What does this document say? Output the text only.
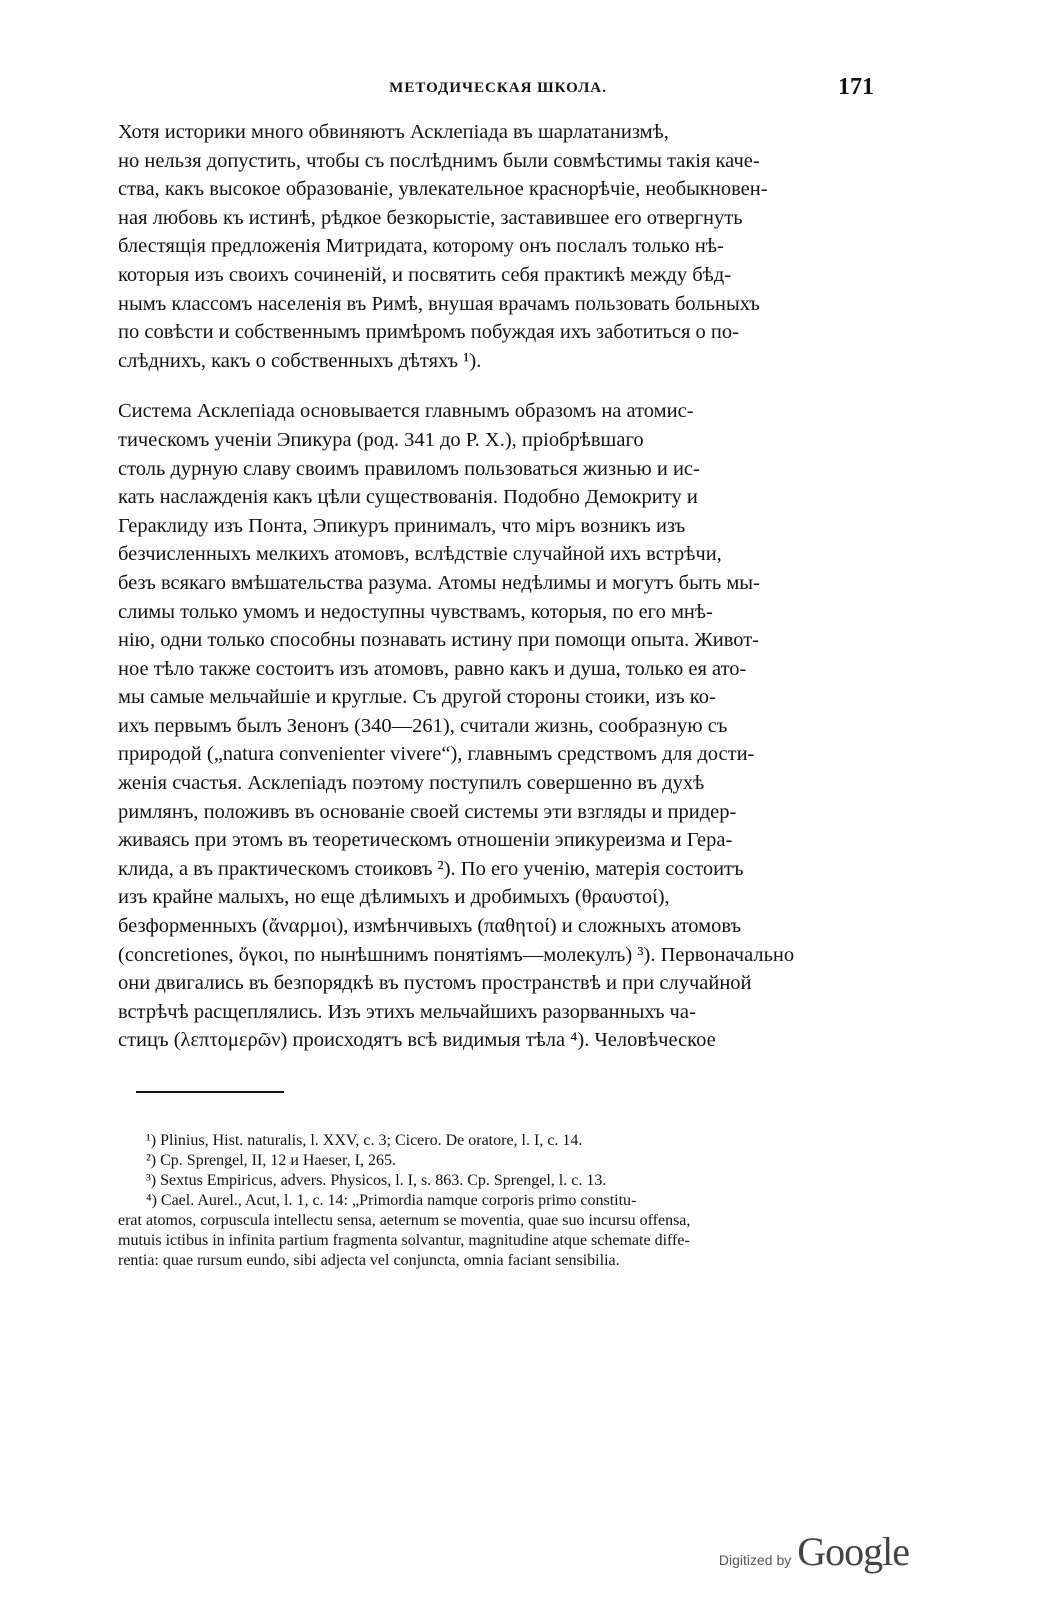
МЕТОДИЧЕСКАЯ ШКОЛА.	171

Хотя историки много обвиняютъ Асклепіада въ шарлатанизмѣ,

но нельзя допустить, чтобы съ послѣднимъ были совмѣстимы такія каче-

ства, какъ высокое образованіе, увлекательное краснорѣчіе, необыкновен-

ная любовь къ истинѣ, рѣдкое безкорыстіе, заставившее его отвергнуть

блестящія предложенія Митридата, которому онъ послалъ только нѣ-

которыя изъ своихъ сочиненій, и посвятить себя практикѣ между бѣд-

нымъ классомъ населенія въ Римѣ, внушая врачамъ пользовать больныхъ

по совѣсти и собственнымъ примѣромъ побуждая ихъ заботиться о по-

слѣднихъ, какъ о собственныхъ дѣтяхъ ¹).

Система Асклепіада основывается главнымъ образомъ на атомис-

тическомъ ученіи Эпикура (род. 341 до Р. Х.), пріобрѣвшаго

столь дурную славу своимъ правиломъ пользоваться жизнью и ис-

кать наслажденія какъ цѣли существованія. Подобно Демокриту и

Гераклиду изъ Понта, Эпикуръ принималъ, что міръ возникъ изъ

безчисленныхъ мелкихъ атомовъ, вслѣдствіе случайной ихъ встрѣчи,

безъ всякаго вмѣшательства разума. Атомы недѣлимы и могутъ быть мы-

слимы только умомъ и недоступны чувствамъ, которыя, по его мнѣ-

нію, одни только способны познавать истину при помощи опыта. Живот-

ное тѣло также состоитъ изъ атомовъ, равно какъ и душа, только ея ато-

мы самые мельчайшіе и круглые. Съ другой стороны стоики, изъ ко-

ихъ первымъ былъ Зенонъ (340—261), считали жизнь, сообразную съ

природой („natura convenienter vivere“), главнымъ средствомъ для дости-

женія счастья. Асклепіадъ поэтому поступилъ совершенно въ духѣ

римлянъ, положивъ въ основаніе своей системы эти взгляды и придер-

живаясь при этомъ въ теоретическомъ отношеніи эпикуреизма и Гера-

клида, а въ практическомъ стоиковъ ²). По его ученію, матерія состоитъ

изъ крайне малыхъ, но еще дѣлимыхъ и дробимыхъ (θραυστοί),

безформенныхъ (ἄναρμοι), измѣнчивыхъ (παθητοί) и сложныхъ атомовъ

(concretiones, ὄγκοι, по нынѣшнимъ понятіямъ—молекулъ) ³). Первоначально

они двигались въ безпорядкѣ въ пустомъ пространствѣ и при случайной

встрѣчѣ расщеплялись. Изъ этихъ мельчайшихъ разорванныхъ ча-

стицъ (λεπτομερῶν) происходятъ всѣ видимыя тѣла ⁴). Человѣческое

¹) Plinius, Hist. naturalis, l. XXV, c. 3; Cicero. De oratore, l. I, c. 14.

²) Cp. Sprengel, II, 12 и Haeser, I, 265.

³) Sextus Empiricus, advers. Physicos, l. I, s. 863. Cp. Sprengel, l. c. 13.

⁴) Cael. Aurel., Acut, l. 1, c. 14: „Primordia namque corporis primo constitu-

erat atomos, corpuscula intellectu sensa, aeternum se moventia, quae suo incursu offensa,

mutuis ictibus in infinita partium fragmenta solvantur, magnitudine atque schemate diffe-

rentia: quae rursum eundo, sibi adjecta vel conjuncta, omnia faciant sensibilia.

Digitized by Google
